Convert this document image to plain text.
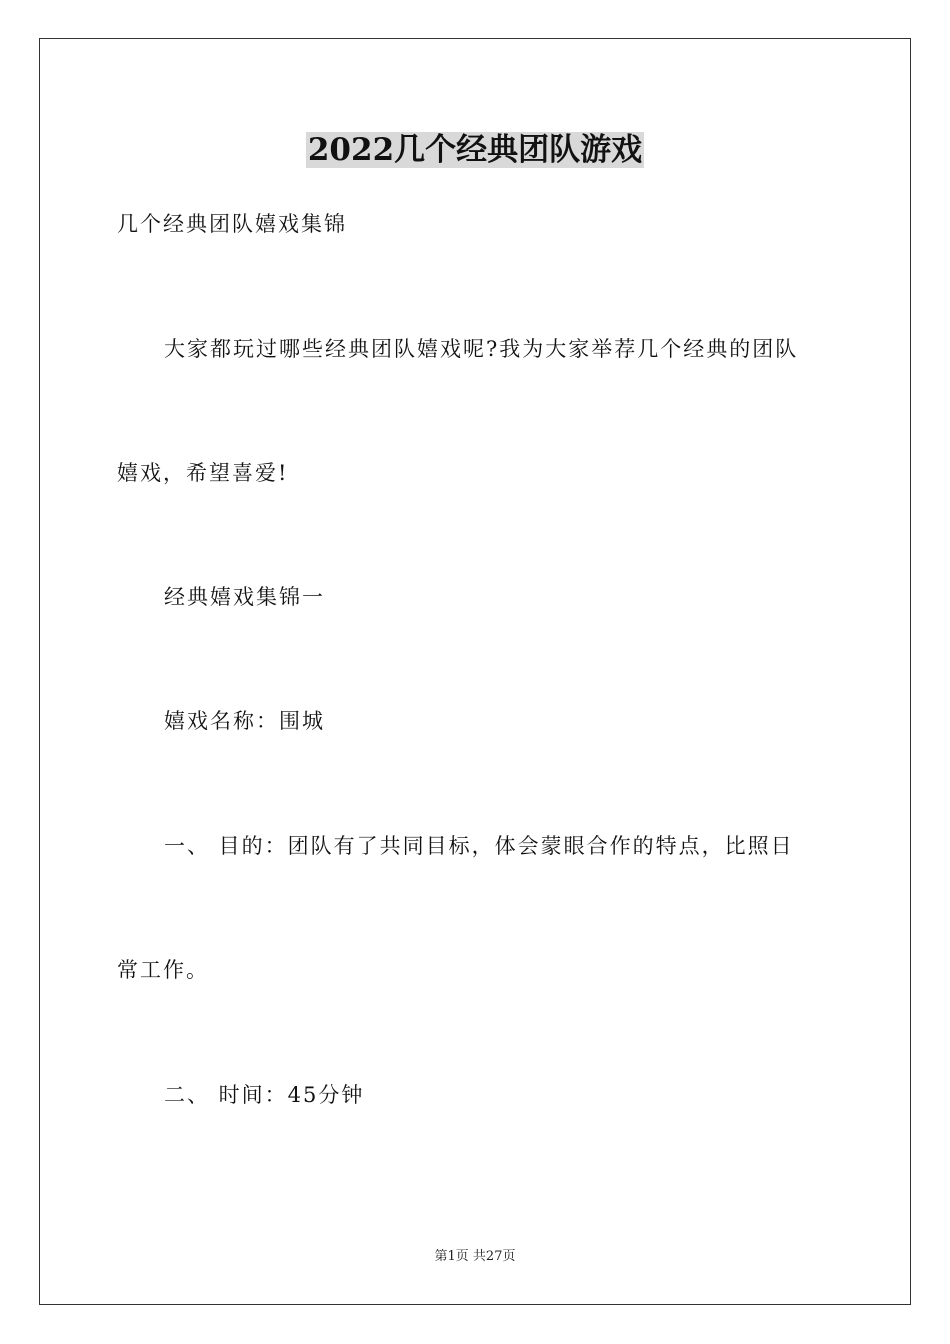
2022几个经典团队游戏
几个经典团队嬉戏集锦
大家都玩过哪些经典团队嬉戏呢?我为大家举荐几个经典的团队
嬉戏，希望喜爱!
经典嬉戏集锦一
嬉戏名称：围城
一、 目的：团队有了共同目标，体会蒙眼合作的特点，比照日
常工作。
二、 时间：45分钟
第1页 共27页
